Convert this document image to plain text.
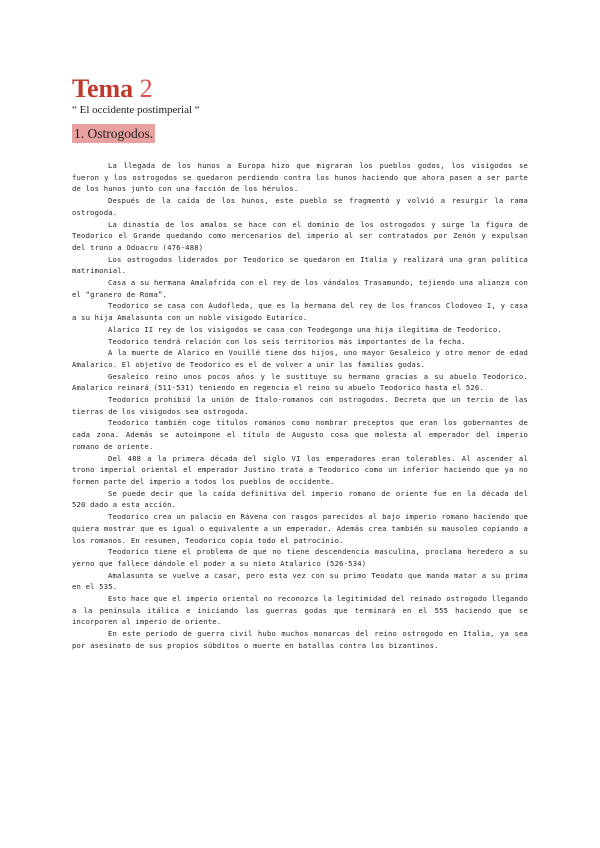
Tema 2
“ El occidente postimperial “
1. Ostrogodos.

La llegada de los hunos a Europa hizo que migraran los pueblos godos, los visigodos se fueron y los ostrogodos se quedaron perdiendo contra los hunos haciendo que ahora pasen a ser parte de los hunos junto con una facción de los hérulos.

Después de la caída de los hunos, este pueblo se fragmentó y volvió a resurgir la rama ostrogoda.

La dinastía de los amalos se hace con el dominio de los ostrogodos y surge la figura de Teodorico el Grande quedando como mercenarios del imperio al ser contratados por Zenón y expulsan del trono a Odoacro (476-488)

Los ostrogodos liderados por Teodorico se quedaron en Italia y realizará una gran política matrimonial.

Casa a su hermana Amalafrida con el rey de los vándalos Trasamundo, tejiendo una alianza con el “granero de Roma”.

Teodorico se casa con Audofleda, que es la hermana del rey de los francos Clodoveo I, y casa a su hija Amalasunta con un noble visigodo Eutarico.

Alarico II rey de los visigodos se casa con Teodegonga una hija ilegítima de Teodorico.

Teodorico tendrá relación con los seis territorios más importantes de la fecha.

A la muerte de Alarico en Vouillé tiene dos hijos, uno mayor Gesaleico y otro menor de edad Amalarico. El objetivo de Teodorico es el de volver a unir las familias godas.

Gesaleico reino unos pocos años y le sustituye su hermano gracias a su abuelo Teodorico. Amalarico reinará (511-531) teniendo en regencia el reino su abuelo Teodorico hasta el 526.

Teodorico prohibió la unión de Ítalo-romanos con ostrogodos. Decreta que un tercio de las tierras de los visigodos sea ostrogoda.

Teodorico también coge títulos romanos como nombrar preceptos que eran los gobernantes de cada zona. Además se autoimpone el título de Augusto cosa que molesta al emperador del imperio romano de oriente.

Del 488 a la primera década del siglo VI los emperadores eran tolerables. Al ascender al trono imperial oriental el emperador Justino trata a Teodorico como un inferior haciendo que ya no formen parte del imperio a todos los pueblos de occidente.

Se puede decir que la caída definitiva del imperio romano de oriente fue en la década del 520 dado a esta acción.

Teodorico crea un palacio en Rávena con rasgos parecidos al bajo imperio romano haciendo que quiera mostrar que es igual o equivalente a un emperador. Además crea también su mausoleo copiando a los romanos. En resumen, Teodorico copia todo el patrocinio.

Teodorico tiene el problema de que no tiene descendencia masculina, proclama heredero a su yerno que fallece dándole el poder a su nieto Atalarico (526-534)

Amalasunta se vuelve a casar, pero esta vez con su primo Teodato que manda matar a su prima en el 535.

Esto hace que el imperio oriental no reconozca la legitimidad del reinado ostrogodo llegando a la península itálica e iniciando las guerras godas que terminará en el 555 haciendo que se incorporen al imperio de oriente.

En este periodo de guerra civil hubo muchos monarcas del reino ostrogodo en Italia, ya sea por asesinato de sus propios súbditos o muerte en batallas contra los bizantinos.
